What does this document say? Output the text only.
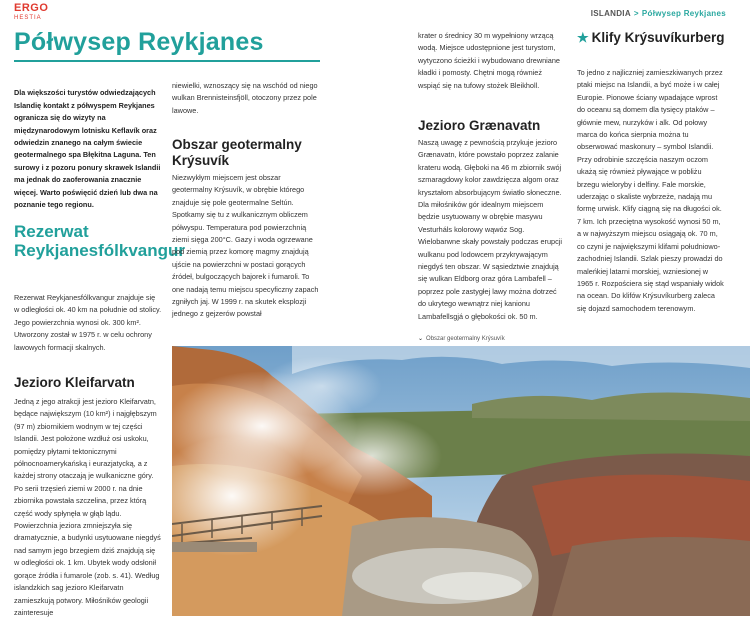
ERGO
HESTIA	ISLANDIA > Półwysep Reykjanes
Półwysep Reykjanes

Dla większości turystów odwiedzających Islandię kontakt z półwyspem Reykjanes ogranicza się do wizyty na międzynarodowym lotnisku Keflavík oraz odwiedzin znanego na całym świecie geotermalnego spa Błękitna Laguna. Ten surowy i z pozoru ponury skrawek Islandii ma jednak do zaoferowania znacznie więcej. Warto poświęcić dzień lub dwa na poznanie tego regionu.

Rezerwat Reykjanesfólkvangur

Rezerwat Reykjanesfólkvangur znajduje się w odległości ok. 40 km na południe od stolicy. Jego powierzchnia wynosi ok. 300 km². Utworzony został w 1975 r. w celu ochrony lawowych formacji skalnych.

Jezioro Kleifarvatn

Jedną z jego atrakcji jest jezioro Kleifarvatn, będące największym (10 km²) i najgłębszym (97 m) zbiornikiem wodnym w tej części Islandii. Jest położone wzdłuż osi uskoku, pomiędzy płytami tektonicznymi północnoamerykańską i eurazjatycką, a z każdej strony otaczają je wulkaniczne góry. Po serii trzęsień ziemi w 2000 r. na dnie zbiornika powstała szczelina, przez którą część wody spłynęła w głąb lądu. Powierzchnia jeziora zmniejszyła się dramatycznie, a budynki usytuowane niegdyś nad samym jego brzegiem dziś znajdują się w odległości ok. 1 km. Ubytek wody odsłonił gorące źródła i fumarole (zob. s. 41). Według islandzkich sag jezioro Kleifarvatn zamieszkują potwory. Miłośników geologii zainteresuje

niewielki, wznoszący się na wschód od niego wulkan Brennisteinsfjöll, otoczony przez pole lawowe.

Obszar geotermalny Krýsuvík

Niezwykłym miejscem jest obszar geotermalny Krýsuvík, w obrębie którego znajduje się pole geotermalne Seltún. Spotkamy się tu z wulkanicznym obliczem półwyspu. Temperatura pod powierzchnią ziemi sięga 200°C. Gazy i woda ogrzewane pod ziemią przez komorę magmy znajdują ujście na powierzchni w postaci gorących źródeł, bulgoczących bajorek i fumaroli. To one nadają temu miejscu specyficzny zapach zgniłych jaj. W 1999 r. na skutek eksplozji jednego z gejzerów powstał

krater o średnicy 30 m wypełniony wrzącą wodą. Miejsce udostępnione jest turystom, wytyczono ścieżki i wybudowano drewniane kładki i pomosty. Chętni mogą również wspiąć się na tufowy stożek Bleikholl.

Jezioro Grænavatn

Naszą uwagę z pewnością przykuje jezioro Grænavatn, które powstało poprzez zalanie krateru wodą. Głęboki na 46 m zbiornik swój szmaragdowy kolor zawdzięcza algom oraz kryształom absorbującym światło słoneczne. Dla miłośników gór idealnym miejscem będzie usytuowany w obrębie masywu Vesturháls kolorowy wąwóz Sog. Wielobarwne skały powstały podczas erupcji wulkanu pod lodowcem przykrywającym niegdyś ten obszar. W sąsiedztwie znajdują się wulkan Eldborg oraz góra Lambafell – poprzez pole zastygłej lawy można dotrzeć do ukrytego wewnątrz niej kanionu Lambafellsgjá o głębokości ok. 50 m.

⌄ Obszar geotermalny Krýsuvík
★ Klify Krýsuvíkurberg

To jedno z najliczniej zamieszkiwanych przez ptaki miejsc na Islandii, a być może i w całej Europie. Pionowe ściany wpadające wprost do oceanu są domem dla tysięcy ptaków – głównie mew, nurzyków i alk. Od połowy marca do końca sierpnia można tu obserwować maskonury – symbol Islandii. Przy odrobinie szczęścia naszym oczom ukażą się również pływające w pobliżu brzegu wieloryby i delfiny. Fale morskie, uderzając o skaliste wybrzeże, nadają mu formę urwisk. Klify ciągną się na długości ok. 7 km. Ich przeciętna wysokość wynosi 50 m, a w najwyższym miejscu osiągają ok. 70 m, co czyni je największymi klifami południowo-zachodniej Islandii. Szlak pieszy prowadzi do maleńkiej latarni morskiej, wzniesionej w 1965 r. Rozpościera się stąd wspaniały widok na ocean. Do klifów Krýsuvíkurberg zaleca się dojazd samochodem terenowym.
